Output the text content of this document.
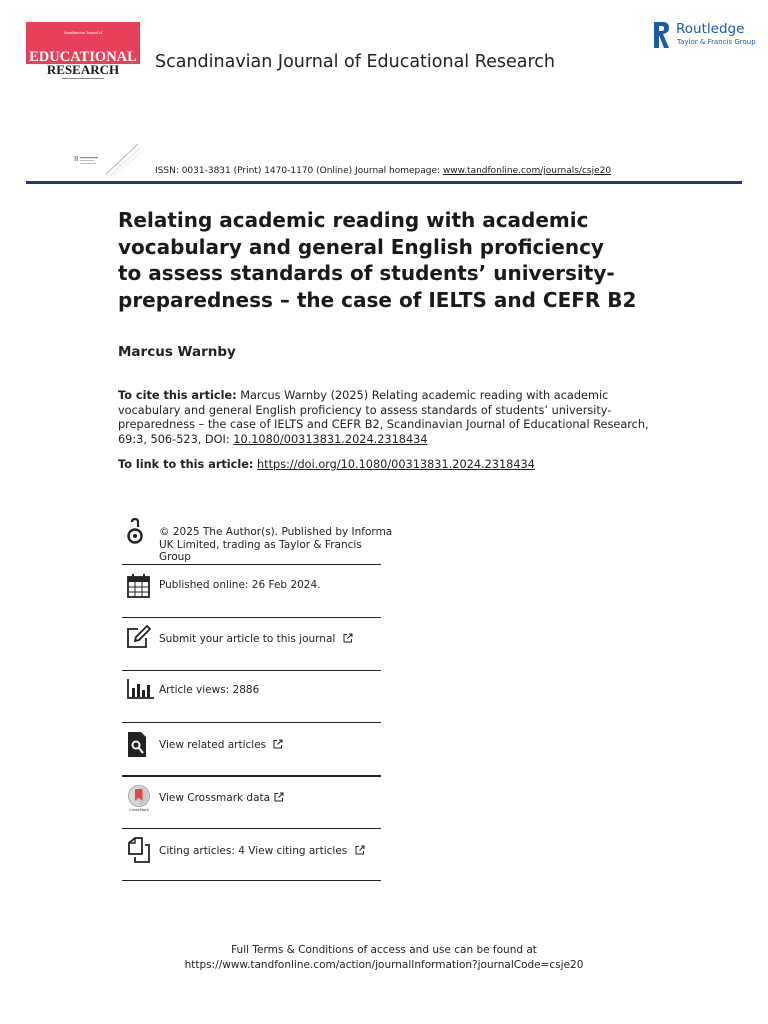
Scandinavian Journal of
EDUCATIONAL
RESEARCH Scandinavian Journal of Educational Research
Routledge
Taylor & Francis Group
R
ISSN: 0031-3831 (Print) 1470-1170 (Online) Journal homepage: www.tandfonline.com/journals/csje20
Relating academic reading with academic
vocabulary and general English proficiency
to assess standards of students’ university-
preparedness – the case of IELTS and CEFR B2
Marcus Warnby
To cite this article: Marcus Warnby (2025) Relating academic reading with academic vocabulary and general English proficiency to assess standards of students’ university-preparedness – the case of IELTS and CEFR B2, Scandinavian Journal of Educational Research, 69:3, 506-523, DOI: 10.1080/00313831.2024.2318434
To link to this article: https://doi.org/10.1080/00313831.2024.2318434
© 2025 The Author(s). Published by Informa
UK Limited, trading as Taylor & Francis
Group
Published online: 26 Feb 2024.
Submit your article to this journal
Article views: 2886
View related articles
CrossMark
View Crossmark data
Citing articles: 4 View citing articles
Full Terms & Conditions of access and use can be found at
https://www.tandfonline.com/action/journalInformation?journalCode=csje20
